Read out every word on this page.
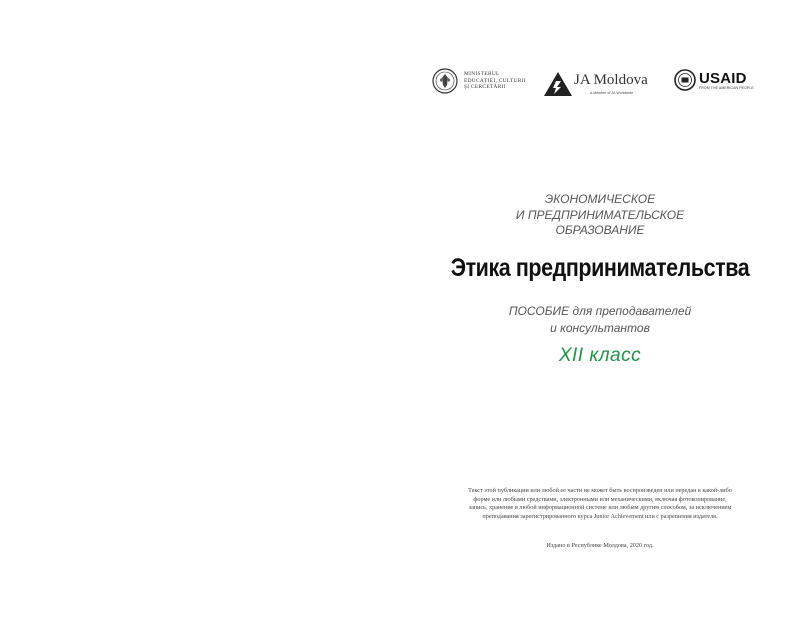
MINISTERUL
EDUCAȚIEI, CULTURII
ȘI CERCETĂRII	JA Moldova
A Member of JA Worldwide
USAID
FROM THE AMERICAN PEOPLE
ЭКОНОМИЧЕСКОЕ
И ПРЕДПРИНИМАТЕЛЬСКОЕ
ОБРАЗОВАНИЕ
Этика предпринимательства
ПОСОБИЕ для преподавателей
и консультантов
XII класс
Текст этой публикации или любой ее части не может быть воспроизведен или передан в какой-либо
форме или любыми средствами, электронными или механическими, включая фотокопирование,
запись, хранение в любой информационной системе или любым другим способом, за исключением
преподавания зарегистрированного курса Junior Achievement или с разрешения издателя.
Издано в Республике Молдова, 2020 год.
